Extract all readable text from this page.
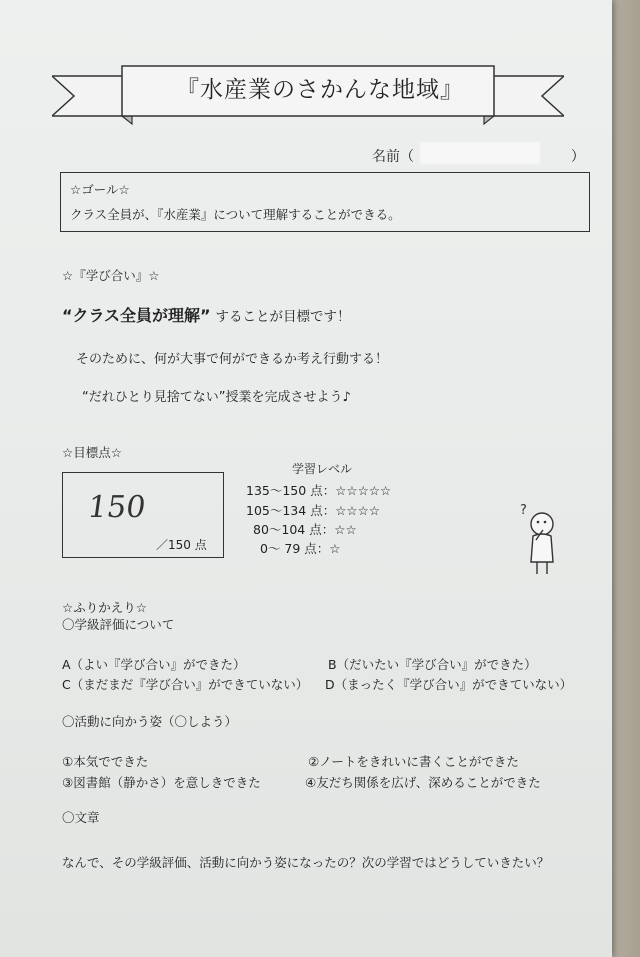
『水産業のさかんな地域』
名前（	）
☆ゴール☆
クラス全員が、『水産業』について理解することができる。
☆『学び合い』☆
“クラス全員が理解” することが目標です！
そのために、何が大事で何ができるか考え行動する！
“だれひとり見捨てない”授業を完成させよう♪
☆目標点☆
150
／150 点
学習レベル
135〜150 点：☆☆☆☆☆
105〜134 点：☆☆☆☆
80〜104 点：☆☆
0〜 79 点：☆
?
☆ふりかえり☆
〇学級評価について
A（よい『学び合い』ができた）	B（だいたい『学び合い』ができた）
C（まだまだ『学び合い』ができていない） D（まったく『学び合い』ができていない）
〇活動に向かう姿（〇しよう）
①本気でできた	②ノートをきれいに書くことができた
③図書館（静かさ）を意しきできた	④友だち関係を広げ、深めることができた
〇文章
なんで、その学級評価、活動に向かう姿になったの？次の学習ではどうしていきたい？
